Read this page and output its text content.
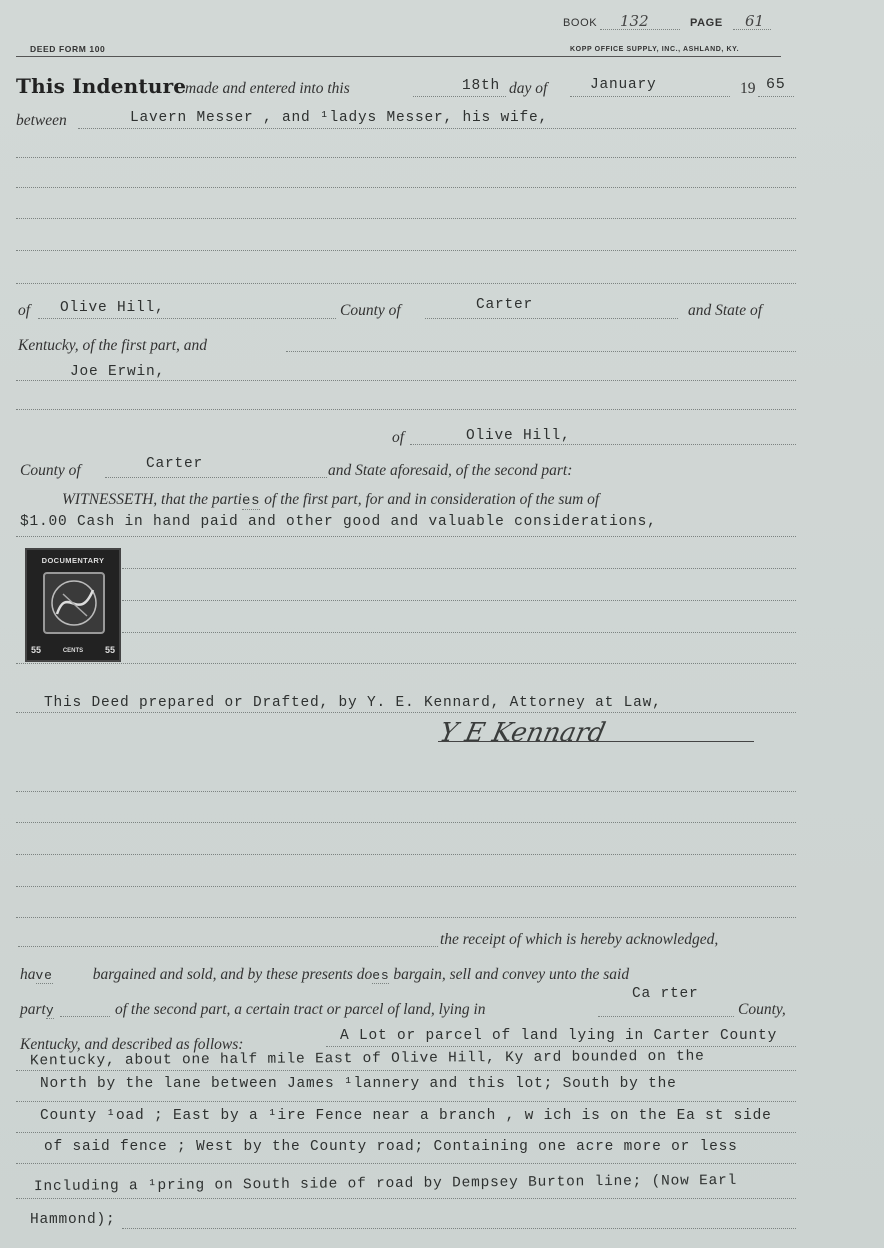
BOOK 132	PAGE 61
DEED FORM 100	KOPP OFFICE SUPPLY, INC., ASHLAND, KY.
This Indenture
made and entered into this	18th day of	January	19 65
between	Lavern Messer , and ¹ladys Messer, his wife,
of Olive Hill,	County of	Carter	and State of
Kentucky, of the first part, and
Joe Erwin,
of	Olive Hill,
County of	Carter	and State aforesaid, of the second part:
WITNESSETH, that the parties of the first part, for and in consideration of the sum of
$1.00 Cash in hand paid and other good and valuable considerations,
DOCUMENTARY
55	CENTS 55
This Deed prepared or Drafted, by Y. E. Kennard, Attorney at Law,
Y E Kennard
the receipt of which is hereby acknowledged,
have	bargained and sold, and by these presents does bargain, sell and convey unto the said
party	of the second part, a certain tract or parcel of land, lying in
Ca rter
County,
Kentucky, and described as follows:	A Lot or parcel of land lying in Carter County
Kentucky, about one half mile East of Olive Hill, Ky ard bounded on the
North by the lane between James ¹lannery and this lot; South by the
County ¹oad ; East by a ¹ire Fence near a branch , w ich is on the Ea st side
of said fence ; West by the County road; Containing one acre more or less
Including a ¹pring on South side of road by Dempsey Burton line; (Now Earl
Hammond);
